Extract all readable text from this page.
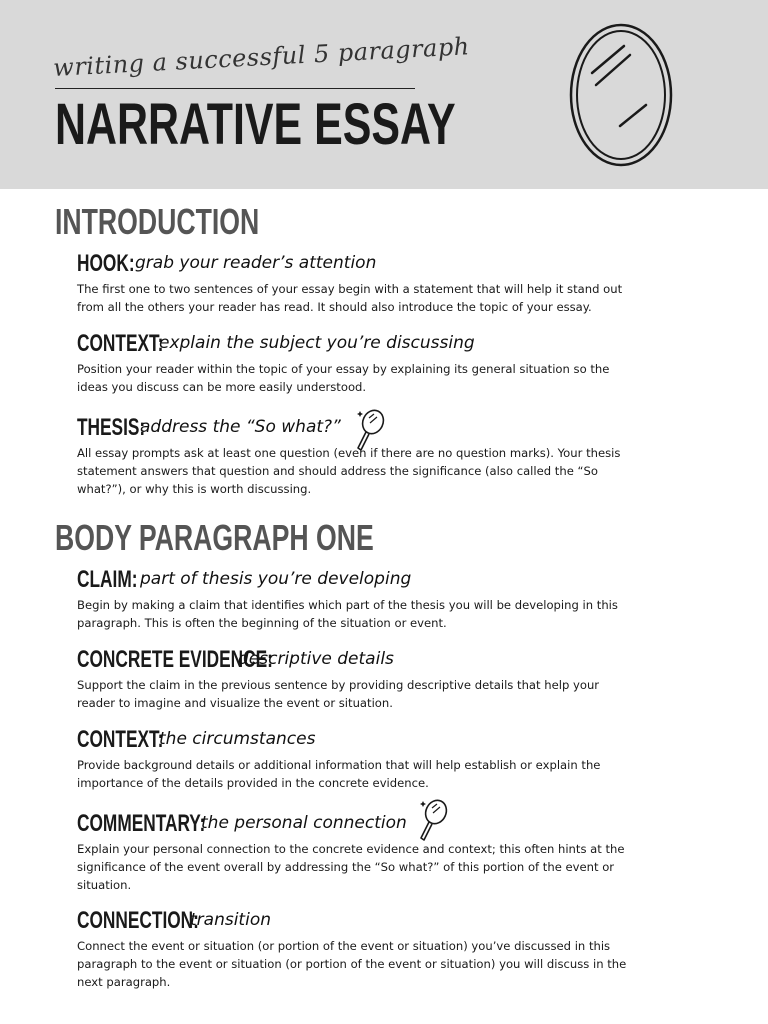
writing a successful 5 paragraph
NARRATIVE ESSAY
INTRODUCTION
HOOK: grab your reader’s attention

The first one to two sentences of your essay begin with a statement that will help it stand out from all the others your reader has read. It should also introduce the topic of your essay.

CONTEXT:
explain the subject you’re discussing

Position your reader within the topic of your essay by explaining its general situation so the ideas you discuss can be more easily understood.

THESIS:
address the “So what?”

All essay prompts ask at least one question (even if there are no question marks). Your thesis statement answers that question and should address the significance (also called the “So what?”), or why this is worth discussing.

BODY PARAGRAPH ONE
CLAIM: part of thesis you’re developing

Begin by making a claim that identifies which part of the thesis you will be developing in this paragraph. This is often the beginning of the situation or event.

CONCRETE EVIDENCE:
descriptive details

Support the claim in the previous sentence by providing descriptive details that help your reader to imagine and visualize the event or situation.

CONTEXT:
the circumstances

Provide background details or additional information that will help establish or explain the importance of the details provided in the concrete evidence.

COMMENTARY:
the personal connection

Explain your personal connection to the concrete evidence and context; this often hints at the significance of the event overall by addressing the “So what?” of this portion of the event or situation.

CONNECTION:
transition

Connect the event or situation (or portion of the event or situation) you’ve discussed in this paragraph to the event or situation (or portion of the event or situation) you will discuss in the next paragraph.
